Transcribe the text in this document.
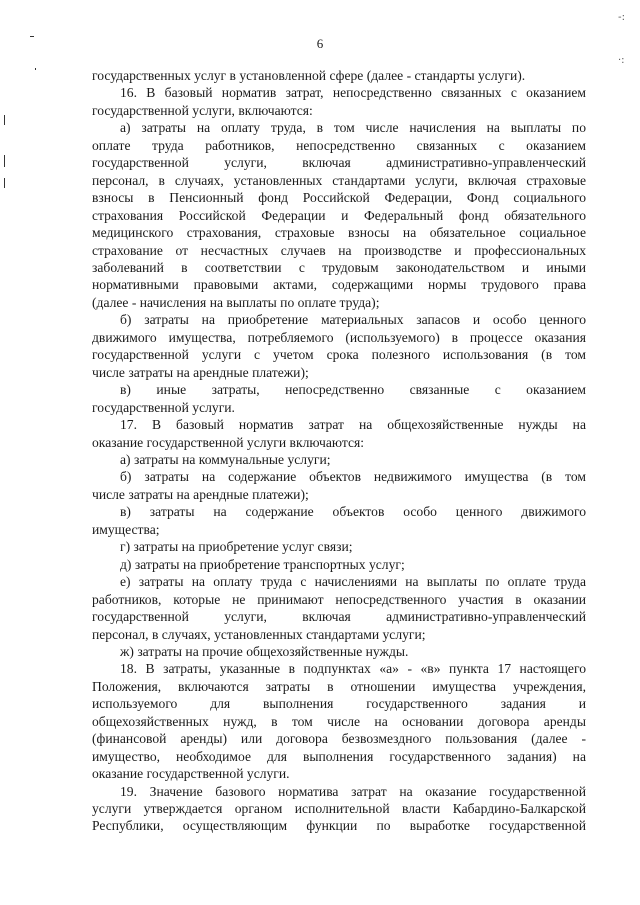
6
государственных услуг в установленной сфере (далее - стандарты услуги).
16. В базовый норматив затрат, непосредственно связанных с оказанием
государственной услуги, включаются:
а) затраты на оплату труда, в том числе начисления на выплаты по
оплате труда работников, непосредственно связанных с оказанием
государственной услуги, включая административно-управленческий
персонал, в случаях, установленных стандартами услуги, включая страховые
взносы в Пенсионный фонд Российской Федерации, Фонд социального
страхования Российской Федерации и Федеральный фонд обязательного
медицинского страхования, страховые взносы на обязательное социальное
страхование от несчастных случаев на производстве и профессиональных
заболеваний в соответствии с трудовым законодательством и иными
нормативными правовыми актами, содержащими нормы трудового права
(далее - начисления на выплаты по оплате труда);
б) затраты на приобретение материальных запасов и особо ценного
движимого имущества, потребляемого (используемого) в процессе оказания
государственной услуги с учетом срока полезного использования (в том
числе затраты на арендные платежи);
в) иные затраты, непосредственно связанные с оказанием
государственной услуги.
17. В базовый норматив затрат на общехозяйственные нужды на
оказание государственной услуги включаются:
а) затраты на коммунальные услуги;
б) затраты на содержание объектов недвижимого имущества (в том
числе затраты на арендные платежи);
в) затраты на содержание объектов особо ценного движимого
имущества;
г) затраты на приобретение услуг связи;
д) затраты на приобретение транспортных услуг;
е) затраты на оплату труда с начислениями на выплаты по оплате труда
работников, которые не принимают непосредственного участия в оказании
государственной услуги, включая административно-управленческий
персонал, в случаях, установленных стандартами услуги;
ж) затраты на прочие общехозяйственные нужды.
18. В затраты, указанные в подпунктах «а» - «в» пункта 17 настоящего
Положения, включаются затраты в отношении имущества учреждения,
используемого для выполнения государственного задания и
общехозяйственных нужд, в том числе на основании договора аренды
(финансовой аренды) или договора безвозмездного пользования (далее -
имущество, необходимое для выполнения государственного задания) на
оказание государственной услуги.
19. Значение базового норматива затрат на оказание государственной
услуги утверждается органом исполнительной власти Кабардино-Балкарской
Республики, осуществляющим функции по выработке государственной
-:
·:
